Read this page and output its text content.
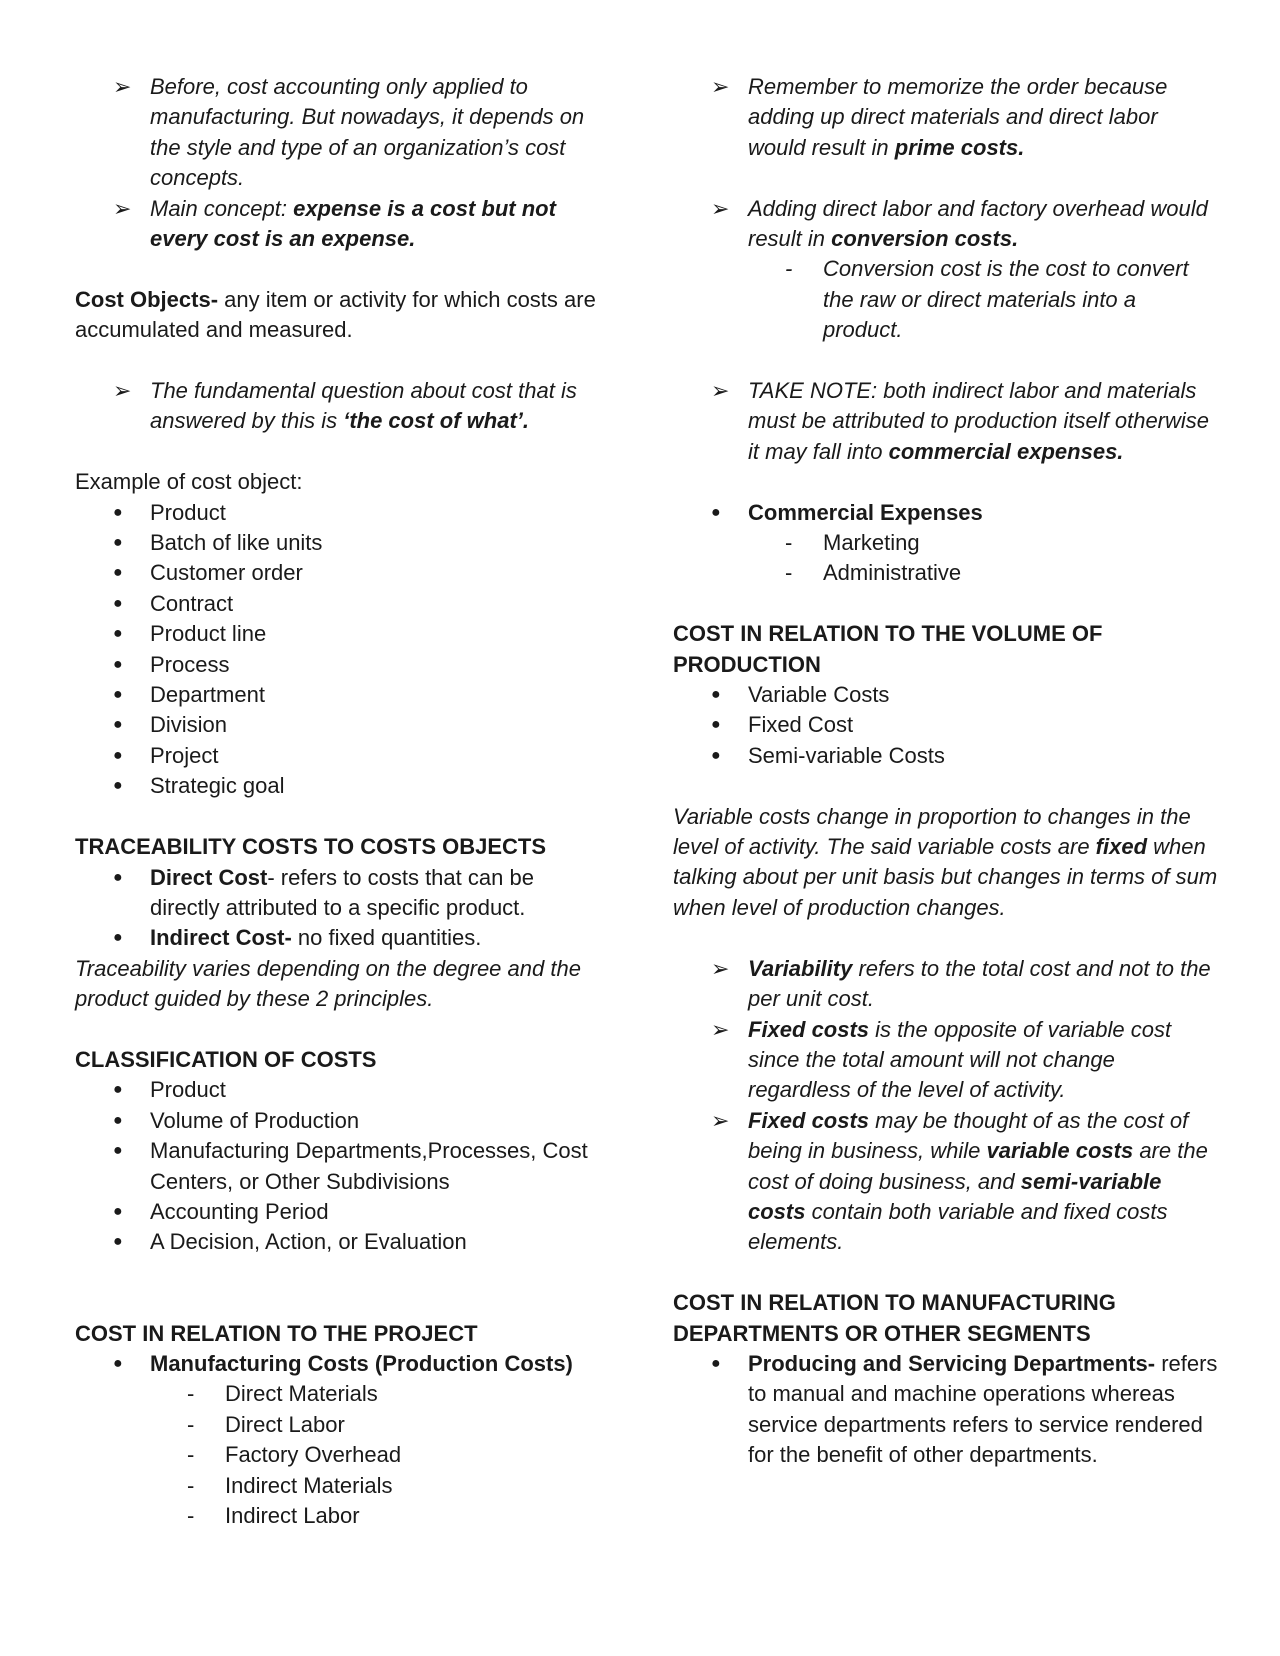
➢ Before, cost accounting only applied to manufacturing. But nowadays, it depends on the style and type of an organization’s cost concepts.

➢ Main concept: expense is a cost but not every cost is an expense.

Cost Objects- any item or activity for which costs are accumulated and measured.

➢ The fundamental question about cost that is answered by this is ‘the cost of what’.

Example of cost object:

● Product

● Batch of like units

● Customer order

● Contract

● Product line

● Process

● Department

● Division

● Project

● Strategic goal

TRACEABILITY COSTS TO COSTS OBJECTS

● Direct Cost- refers to costs that can be directly attributed to a specific product.

● Indirect Cost- no fixed quantities.

Traceability varies depending on the degree and the product guided by these 2 principles.

CLASSIFICATION OF COSTS

● Product

● Volume of Production

● Manufacturing Departments,Processes, Cost Centers, or Other Subdivisions

● Accounting Period

● A Decision, Action, or Evaluation

COST IN RELATION TO THE PROJECT

● Manufacturing Costs (Production Costs)

- Direct Materials

- Direct Labor

- Factory Overhead

- Indirect Materials

- Indirect Labor

➢ Remember to memorize the order because adding up direct materials and direct labor would result in prime costs.

➢ Adding direct labor and factory overhead would result in conversion costs.

- Conversion cost is the cost to convert the raw or direct materials into a product.

➢ TAKE NOTE: both indirect labor and materials must be attributed to production itself otherwise it may fall into commercial expenses.

● Commercial Expenses

- Marketing

- Administrative

COST IN RELATION TO THE VOLUME OF PRODUCTION

● Variable Costs

● Fixed Cost

● Semi-variable Costs

Variable costs change in proportion to changes in the level of activity. The said variable costs are fixed when talking about per unit basis but changes in terms of sum when level of production changes.

➢ Variability refers to the total cost and not to the per unit cost.

➢ Fixed costs is the opposite of variable cost since the total amount will not change regardless of the level of activity.

➢ Fixed costs may be thought of as the cost of being in business, while variable costs are the cost of doing business, and semi-variable costs contain both variable and fixed costs elements.

COST IN RELATION TO MANUFACTURING DEPARTMENTS OR OTHER SEGMENTS

● Producing and Servicing Departments- refers to manual and machine operations whereas service departments refers to service rendered for the benefit of other departments.
